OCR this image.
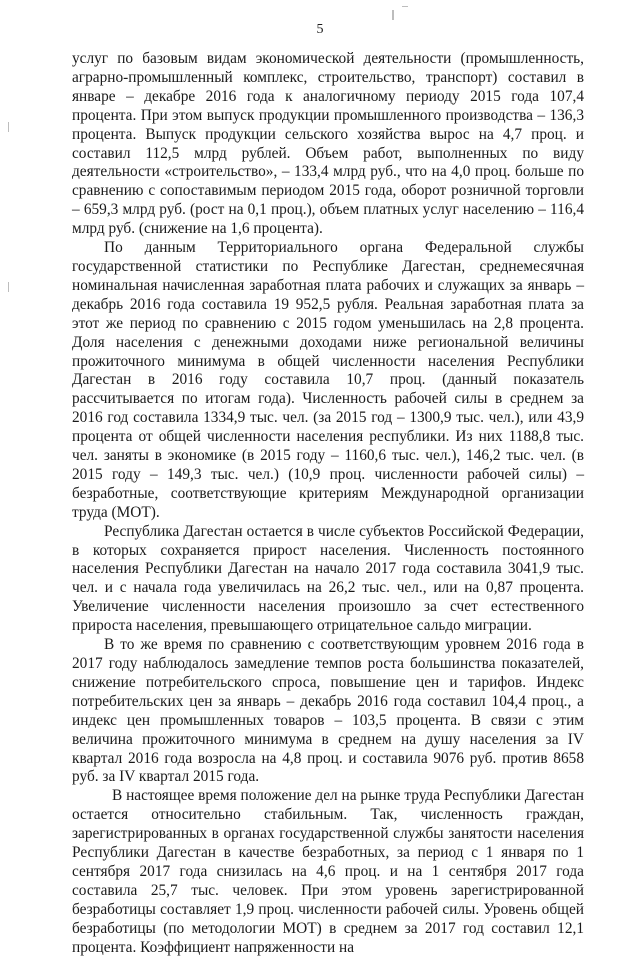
5

услуг по базовым видам экономической деятельности (промышленность, аграрно-промышленный комплекс, строительство, транспорт) составил в январе – декабре 2016 года к аналогичному периоду 2015 года 107,4 процента. При этом выпуск продукции промышленного производства – 136,3 процента. Выпуск продукции сельского хозяйства вырос на 4,7 проц. и составил 112,5 млрд рублей. Объем работ, выполненных по виду деятельности «строительство», – 133,4 млрд руб., что на 4,0 проц. больше по сравнению с сопоставимым периодом 2015 года, оборот розничной торговли – 659,3 млрд руб. (рост на 0,1 проц.), объем платных услуг населению – 116,4 млрд руб. (снижение на 1,6 процента).

По данным Территориального органа Федеральной службы государственной статистики по Республике Дагестан, среднемесячная номинальная начисленная заработная плата рабочих и служащих за январь – декабрь 2016 года составила 19 952,5 рубля. Реальная заработная плата за этот же период по сравнению с 2015 годом уменьшилась на 2,8 процента. Доля населения с денежными доходами ниже региональной величины прожиточного минимума в общей численности населения Республики Дагестан в 2016 году составила 10,7 проц. (данный показатель рассчитывается по итогам года). Численность рабочей силы в среднем за 2016 год составила 1334,9 тыс. чел. (за 2015 год – 1300,9 тыс. чел.), или 43,9 процента от общей численности населения республики. Из них 1188,8 тыс. чел. заняты в экономике (в 2015 году – 1160,6 тыс. чел.), 146,2 тыс. чел. (в 2015 году – 149,3 тыс. чел.) (10,9 проц. численности рабочей силы) – безработные, соответствующие критериям Международной организации труда (МОТ).

Республика Дагестан остается в числе субъектов Российской Федерации, в которых сохраняется прирост населения. Численность постоянного населения Республики Дагестан на начало 2017 года составила 3041,9 тыс. чел. и с начала года увеличилась на 26,2 тыс. чел., или на 0,87 процента. Увеличение численности населения произошло за счет естественного прироста населения, превышающего отрицательное сальдо миграции.

В то же время по сравнению с соответствующим уровнем 2016 года в 2017 году наблюдалось замедление темпов роста большинства показателей, снижение потребительского спроса, повышение цен и тарифов. Индекс потребительских цен за январь – декабрь 2016 года составил 104,4 проц., а индекс цен промышленных товаров – 103,5 процента. В связи с этим величина прожиточного минимума в среднем на душу населения за IV квартал 2016 года возросла на 4,8 проц. и составила 9076 руб. против 8658 руб. за IV квартал 2015 года.

В настоящее время положение дел на рынке труда Республики Дагестан остается относительно стабильным. Так, численность граждан, зарегистрированных в органах государственной службы занятости населения Республики Дагестан в качестве безработных, за период с 1 января по 1 сентября 2017 года снизилась на 4,6 проц. и на 1 сентября 2017 года составила 25,7 тыс. человек. При этом уровень зарегистрированной безработицы составляет 1,9 проц. численности рабочей силы. Уровень общей безработицы (по методологии МОТ) в среднем за 2017 год составил 12,1 процента. Коэффициент напряженности на
